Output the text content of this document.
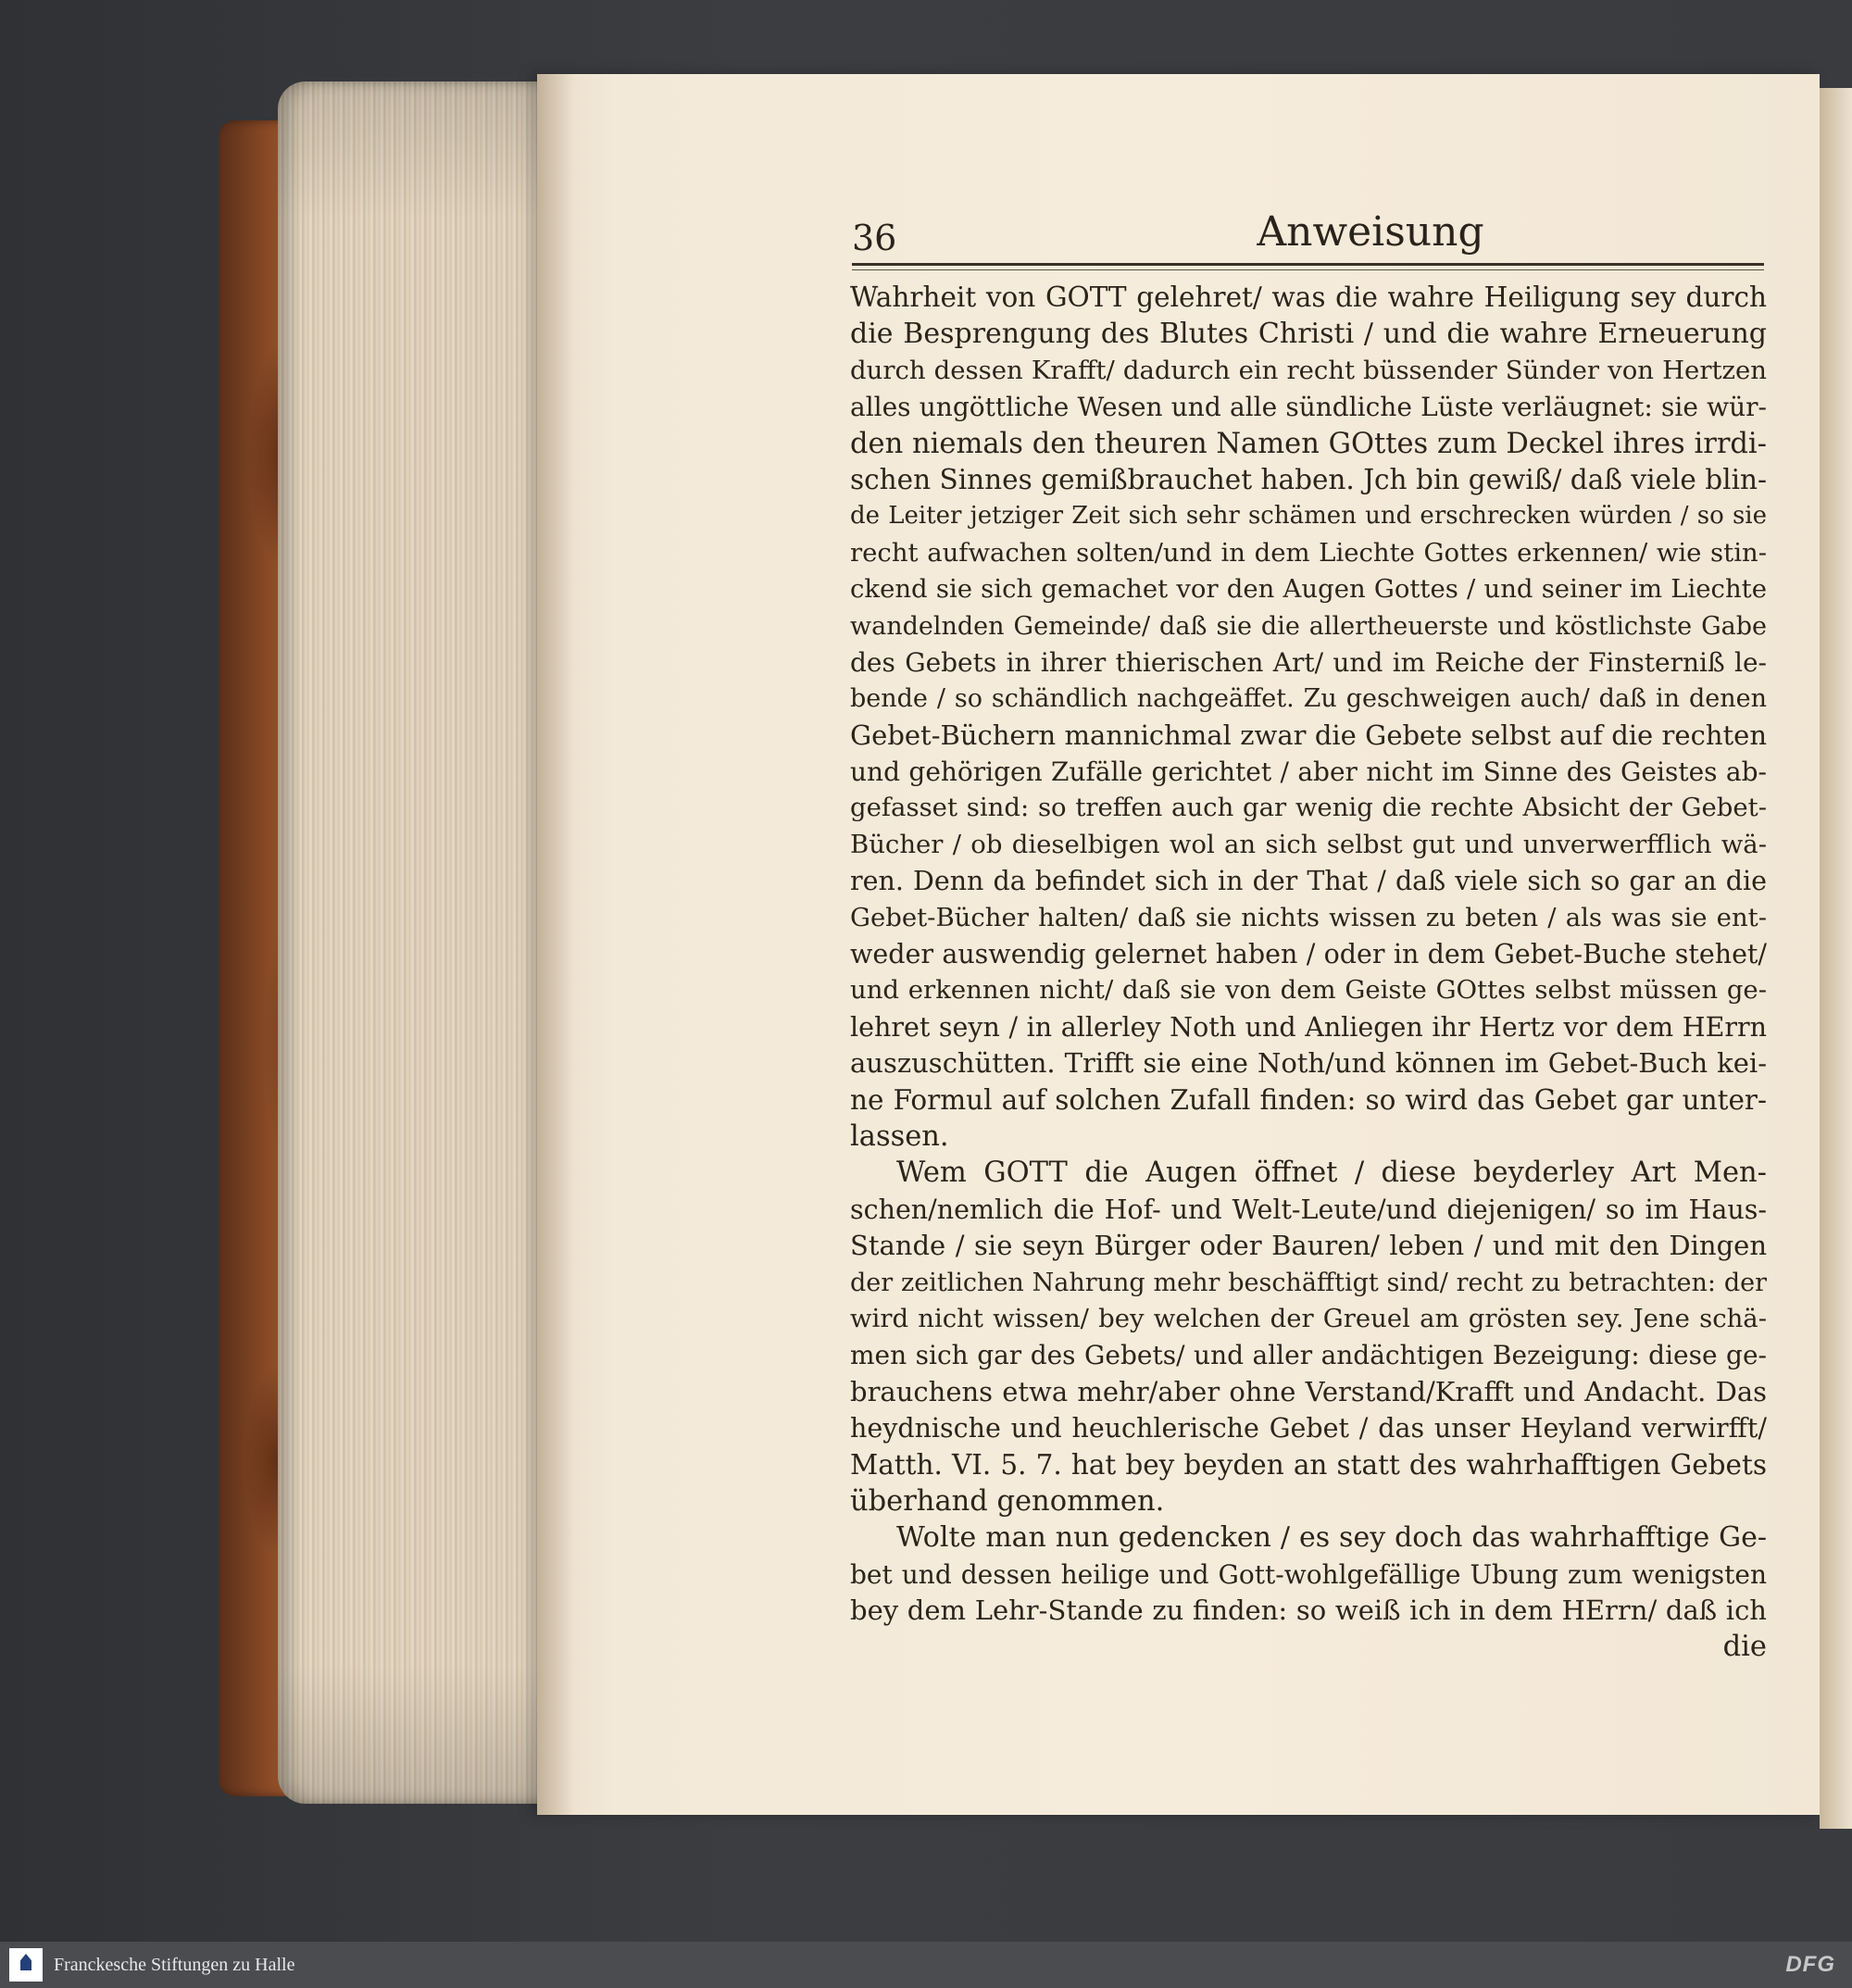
36	Anweisung
Wahrheit von GOTT gelehret/ was die wahre Heiligung sey durch
die Besprengung des Blutes Christi / und die wahre Erneuerung
durch dessen Krafft/ dadurch ein recht büssender Sünder von Hertzen
alles ungöttliche Wesen und alle sündliche Lüste verläugnet: sie wür-
den niemals den theuren Namen GOttes zum Deckel ihres irrdi-
schen Sinnes gemißbrauchet haben. Jch bin gewiß/ daß viele blin-
de Leiter jetziger Zeit sich sehr schämen und erschrecken würden / so sie
recht aufwachen solten/und in dem Liechte Gottes erkennen/ wie stin-
ckend sie sich gemachet vor den Augen Gottes / und seiner im Liechte
wandelnden Gemeinde/ daß sie die allertheuerste und köstlichste Gabe
des Gebets in ihrer thierischen Art/ und im Reiche der Finsterniß le-
bende / so schändlich nachgeäffet. Zu geschweigen auch/ daß in denen
Gebet-Büchern mannichmal zwar die Gebete selbst auf die rechten
und gehörigen Zufälle gerichtet / aber nicht im Sinne des Geistes ab-
gefasset sind: so treffen auch gar wenig die rechte Absicht der Gebet-
Bücher / ob dieselbigen wol an sich selbst gut und unverwerfflich wä-
ren. Denn da befindet sich in der That / daß viele sich so gar an die
Gebet-Bücher halten/ daß sie nichts wissen zu beten / als was sie ent-
weder auswendig gelernet haben / oder in dem Gebet-Buche stehet/
und erkennen nicht/ daß sie von dem Geiste GOttes selbst müssen ge-
lehret seyn / in allerley Noth und Anliegen ihr Hertz vor dem HErrn
auszuschütten. Trifft sie eine Noth/und können im Gebet-Buch kei-
ne Formul auf solchen Zufall finden: so wird das Gebet gar unter-
lassen.
Wem GOTT die Augen öffnet / diese beyderley Art Men-
schen/nemlich die Hof- und Welt-Leute/und diejenigen/ so im Haus-
Stande / sie seyn Bürger oder Bauren/ leben / und mit den Dingen
der zeitlichen Nahrung mehr beschäfftigt sind/ recht zu betrachten: der
wird nicht wissen/ bey welchen der Greuel am grösten sey. Jene schä-
men sich gar des Gebets/ und aller andächtigen Bezeigung: diese ge-
brauchens etwa mehr/aber ohne Verstand/Krafft und Andacht. Das
heydnische und heuchlerische Gebet / das unser Heyland verwirfft/
Matth. VI. 5. 7. hat bey beyden an statt des wahrhafftigen Gebets
überhand genommen.
Wolte man nun gedencken / es sey doch das wahrhafftige Ge-
bet und dessen heilige und Gott-wohlgefällige Ubung zum wenigsten
bey dem Lehr-Stande zu finden: so weiß ich in dem HErrn/ daß ich
die
Franckesche Stiftungen zu Halle	DFG
